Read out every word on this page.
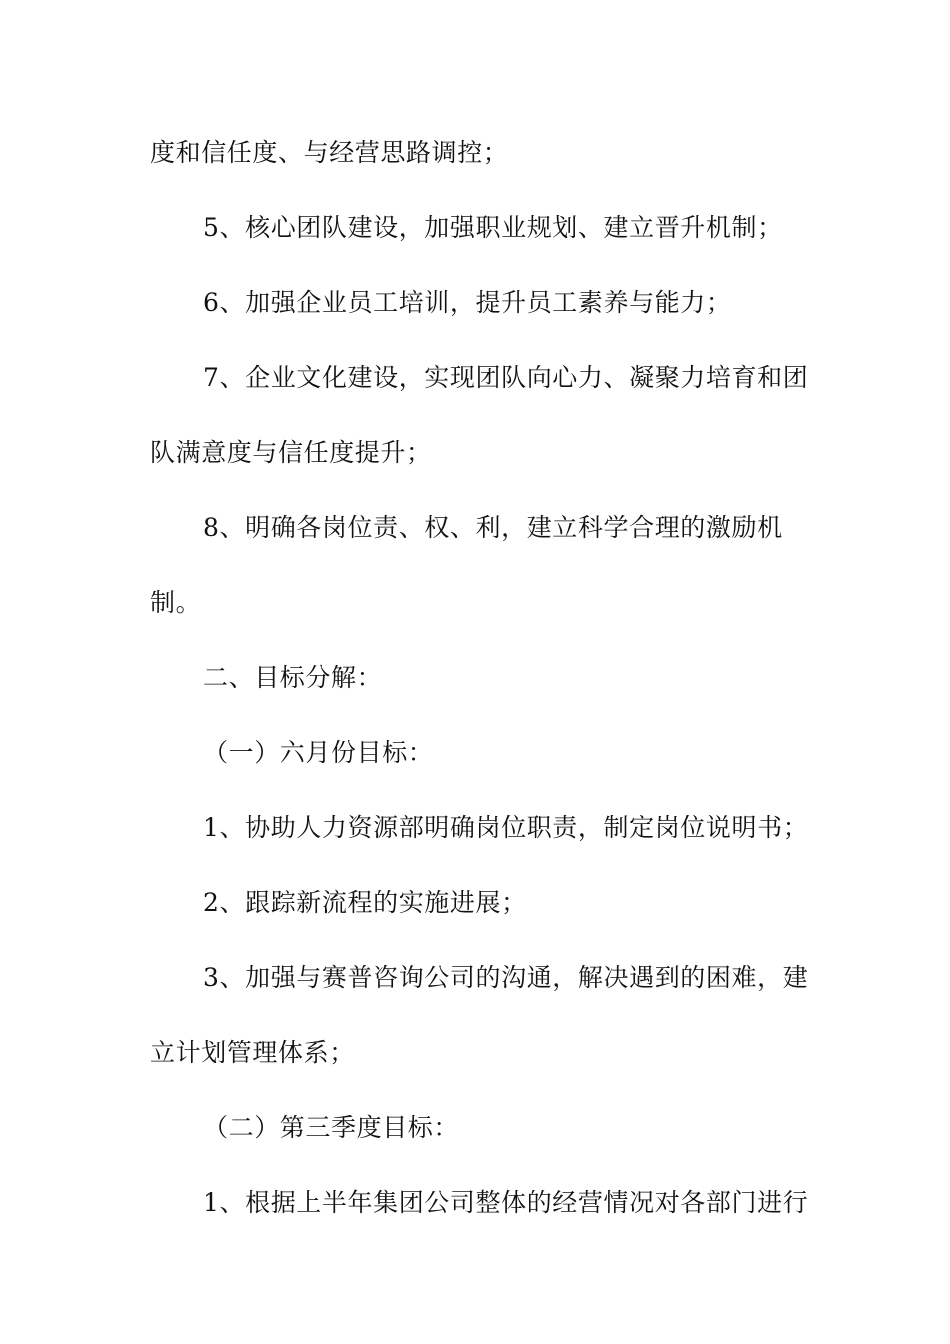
度和信任度、与经营思路调控；
5、核心团队建设，加强职业规划、建立晋升机制；
6、加强企业员工培训，提升员工素养与能力；
7、企业文化建设，实现团队向心力、凝聚力培育和团
队满意度与信任度提升；
8、明确各岗位责、权、利，建立科学合理的激励机
制。
二、目标分解：
（一）六月份目标：
1、协助人力资源部明确岗位职责，制定岗位说明书；
2、跟踪新流程的实施进展；
3、加强与赛普咨询公司的沟通，解决遇到的困难，建
立计划管理体系；
（二）第三季度目标：
1、根据上半年集团公司整体的经营情况对各部门进行
